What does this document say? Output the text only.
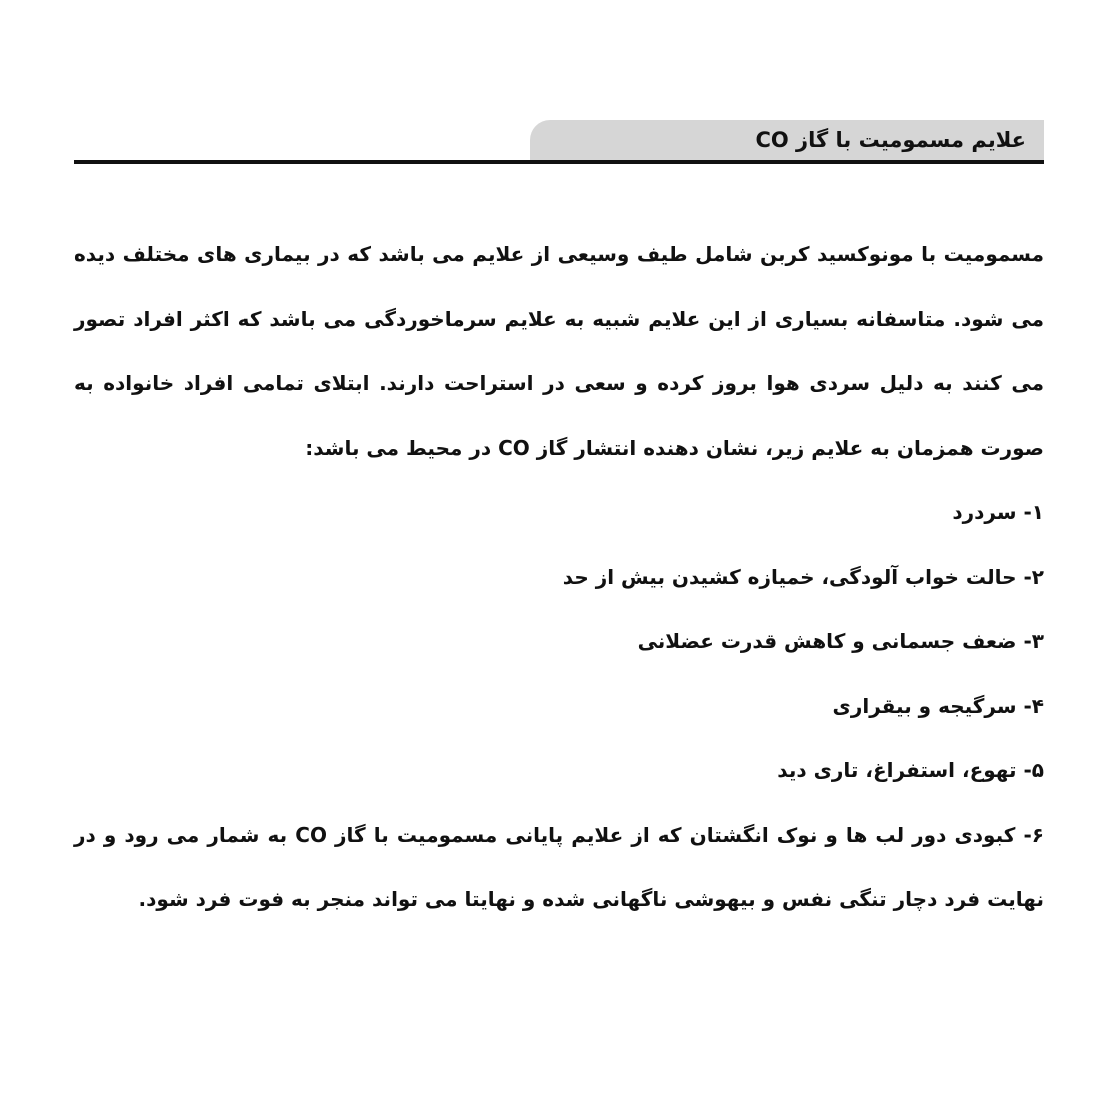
علایم مسمومیت با گاز CO

مسمومیت با مونوکسید کربن شامل طیف وسیعی از علایم می باشد که در بیماری های مختلف دیده می شود. متاسفانه بسیاری از این علایم شبیه به علایم سرماخوردگی می باشد که اکثر افراد تصور می کنند به دلیل سردی هوا بروز کرده و سعی در استراحت دارند. ابتلای تمامی افراد خانواده به صورت همزمان به علایم زیر، نشان دهنده انتشار گاز CO در محیط می باشد:

۱- سردرد

۲- حالت خواب آلودگی، خمیازه کشیدن بیش از حد

۳- ضعف جسمانی و کاهش قدرت عضلانی

۴- سرگیجه و بیقراری

۵- تهوع، استفراغ، تاری دید

۶- کبودی دور لب ها و نوک انگشتان که از علایم پایانی مسمومیت با گاز CO به شمار می رود و در نهایت فرد دچار تنگی نفس و بیهوشی ناگهانی شده و نهایتا می تواند منجر به فوت فرد شود.
